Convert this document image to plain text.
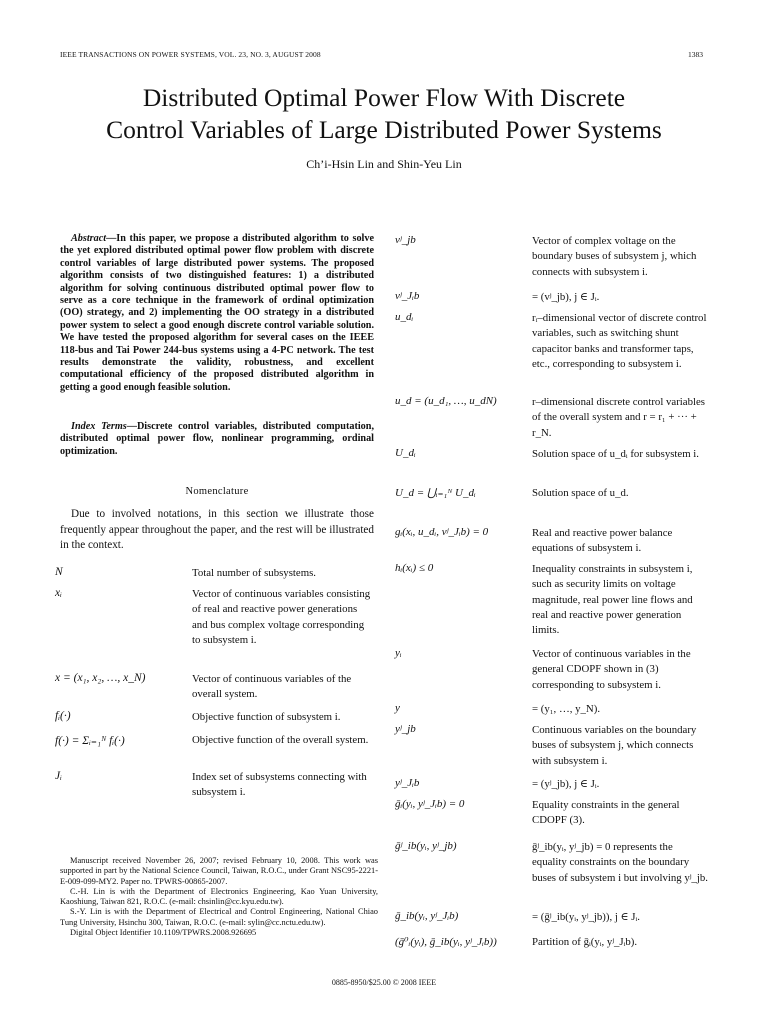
IEEE TRANSACTIONS ON POWER SYSTEMS, VOL. 23, NO. 3, AUGUST 2008	1383
Distributed Optimal Power Flow With Discrete
Control Variables of Large Distributed Power Systems
Ch’i-Hsin Lin and Shin-Yeu Lin
Abstract—In this paper, we propose a distributed algorithm to solve the yet explored distributed optimal power flow problem with discrete control variables of large distributed power systems. The proposed algorithm consists of two distinguished features: 1) a distributed algorithm for solving continuous distributed optimal power flow to serve as a core technique in the framework of ordinal optimization (OO) strategy, and 2) implementing the OO strategy in a distributed power system to select a good enough discrete control variable solution. We have tested the proposed algorithm for several cases on the IEEE 118-bus and Tai Power 244-bus systems using a 4-PC network. The test results demonstrate the validity, robustness, and excellent computational efficiency of the proposed distributed algorithm in getting a good enough feasible solution.
Index Terms—Discrete control variables, distributed computation, distributed optimal power flow, nonlinear programming, ordinal optimization.
Nomenclature
Due to involved notations, in this section we illustrate those frequently appear throughout the paper, and the rest will be illustrated in the context.
N	Total number of subsystems.
xᵢ	Vector of continuous variables consisting of real and reactive power generations and bus complex voltage corresponding to subsystem i.
x = (x₁, x₂, …, x_N)	Vector of continuous variables of the overall system.
fᵢ(·)	Objective function of subsystem i.
f(·) = Σᵢ₌₁ᴺ fᵢ(·)	Objective function of the overall system.
Jᵢ	Index set of subsystems connecting with subsystem i.
vʲ_jb	Vector of complex voltage on the boundary buses of subsystem j, which connects with subsystem i.
vʲ_Jᵢb	= (vʲ_jb), j ∈ Jᵢ.
u_dᵢ	rᵢ–dimensional vector of discrete control variables, such as switching shunt capacitor banks and transformer taps, etc., corresponding to subsystem i.
u_d = (u_d₁, …, u_dN)	r–dimensional discrete control variables of the overall system and r = r₁ + ··· + r_N.
U_dᵢ	Solution space of u_dᵢ for subsystem i.
U_d = ⋃ᵢ₌₁ᴺ U_dᵢ	Solution space of u_d.
gᵢ(xᵢ, u_dᵢ, vʲ_Jᵢb) = 0	Real and reactive power balance equations of subsystem i.
hᵢ(xᵢ) ≤ 0	Inequality constraints in subsystem i, such as security limits on voltage magnitude, real power line flows and real and reactive power generation limits.
yᵢ	Vector of continuous variables in the general CDOPF shown in (3) corresponding to subsystem i.
y	= (y₁, …, y_N).
yʲ_jb	Continuous variables on the boundary buses of subsystem j, which connects with subsystem i.
yʲ_Jᵢb	= (yʲ_jb), j ∈ Jᵢ.
ḡᵢ(yᵢ, yʲ_Jᵢb) = 0	Equality constraints in the general CDOPF (3).
ḡʲ_ib(yᵢ, yʲ_jb)	ḡʲ_ib(yᵢ, yʲ_jb) = 0 represents the equality constraints on the boundary buses of subsystem i but involving yʲ_jb.
ḡ_ib(yᵢ, yʲ_Jᵢb)	= (ḡʲ_ib(yᵢ, yʲ_jb)), j ∈ Jᵢ.
(ḡ⁰ᵢ(yᵢ), ḡ_ib(yᵢ, yʲ_Jᵢb))	Partition of ḡᵢ(yᵢ, yʲ_Jᵢb).

Manuscript received November 26, 2007; revised February 10, 2008. This work was supported in part by the National Science Council, Taiwan, R.O.C., under Grant NSC95-2221-E-009-099-MY2. Paper no. TPWRS-00865-2007.

C.-H. Lin is with the Department of Electronics Engineering, Kao Yuan University, Kaoshiung, Taiwan 821, R.O.C. (e-mail: chsinlin@cc.kyu.edu.tw).

S.-Y. Lin is with the Department of Electrical and Control Engineering, National Chiao Tung University, Hsinchu 300, Taiwan, R.O.C. (e-mail: sylin@cc.nctu.edu.tw).

Digital Object Identifier 10.1109/TPWRS.2008.926695

0885-8950/$25.00 © 2008 IEEE
